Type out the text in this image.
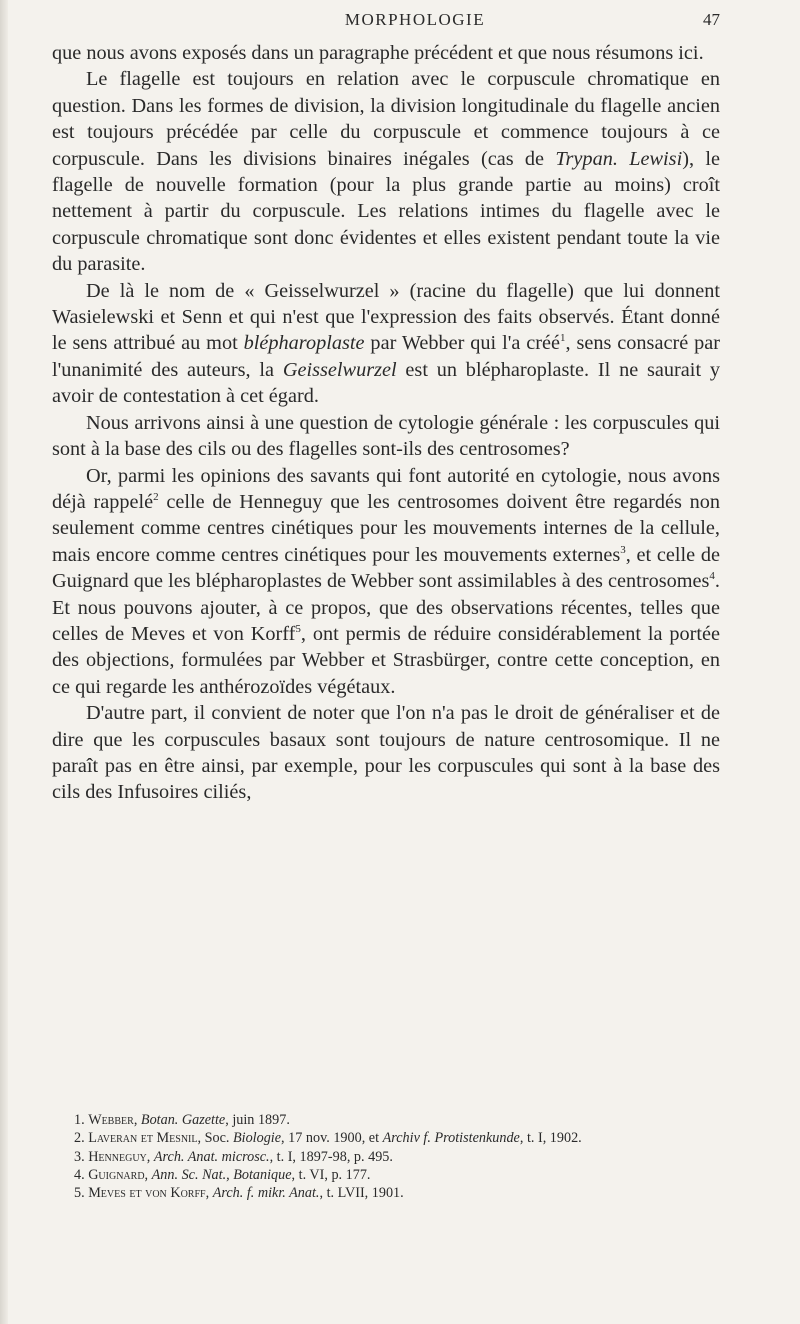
MORPHOLOGIE	47

que nous avons exposés dans un paragraphe précédent et que nous résumons ici.

Le flagelle est toujours en relation avec le corpuscule chromatique en question. Dans les formes de division, la division longitudinale du flagelle ancien est toujours précédée par celle du corpuscule et commence toujours à ce corpuscule. Dans les divisions binaires inégales (cas de Trypan. Lewisi), le flagelle de nouvelle formation (pour la plus grande partie au moins) croît nettement à partir du corpuscule. Les relations intimes du flagelle avec le corpuscule chromatique sont donc évidentes et elles existent pendant toute la vie du parasite.

De là le nom de « Geisselwurzel » (racine du flagelle) que lui donnent Wasielewski et Senn et qui n'est que l'expression des faits observés. Étant donné le sens attribué au mot blépharoplaste par Webber qui l'a créé$^1$, sens consacré par l'unanimité des auteurs, la Geisselwurzel est un blépharoplaste. Il ne saurait y avoir de contestation à cet égard.

Nous arrivons ainsi à une question de cytologie générale : les corpuscules qui sont à la base des cils ou des flagelles sont-ils des centrosomes?

Or, parmi les opinions des savants qui font autorité en cytologie, nous avons déjà rappelé$^2$ celle de Henneguy que les centrosomes doivent être regardés non seulement comme centres cinétiques pour les mouvements internes de la cellule, mais encore comme centres cinétiques pour les mouvements externes$^3$, et celle de Guignard que les blépharoplastes de Webber sont assimilables à des centrosomes$^4$. Et nous pouvons ajouter, à ce propos, que des observations récentes, telles que celles de Meves et von Korff$^5$, ont permis de réduire considérablement la portée des objections, formulées par Webber et Strasbürger, contre cette conception, en ce qui regarde les anthérozoïdes végétaux.

D'autre part, il convient de noter que l'on n'a pas le droit de généraliser et de dire que les corpuscules basaux sont toujours de nature centrosomique. Il ne paraît pas en être ainsi, par exemple, pour les corpuscules qui sont à la base des cils des Infusoires ciliés,

1. Webber, Botan. Gazette, juin 1897.
2. Laveran et Mesnil, Soc. Biologie, 17 nov. 1900, et Archiv f. Protistenkunde, t. I, 1902.
3. Henneguy, Arch. Anat. microsc., t. I, 1897-98, p. 495.
4. Guignard, Ann. Sc. Nat., Botanique, t. VI, p. 177.
5. Meves et von Korff, Arch. f. mikr. Anat., t. LVII, 1901.
